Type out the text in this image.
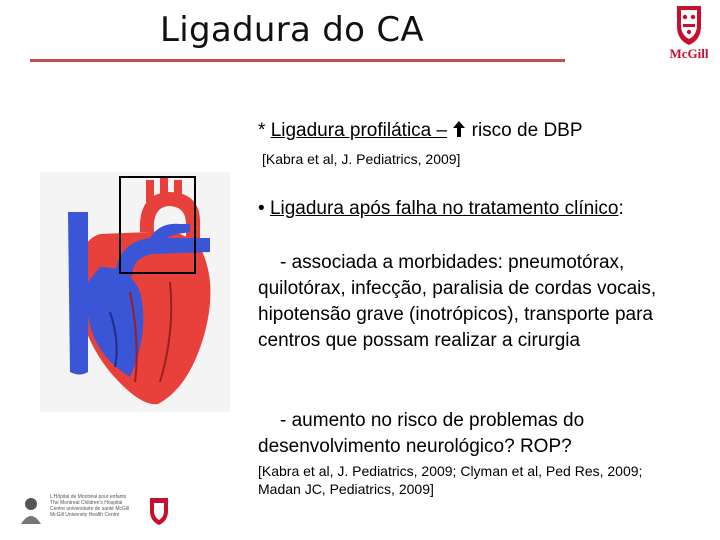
Ligadura do CA
McGill
* Ligadura profilática –  risco de DBP
[Kabra et al, J. Pediatrics, 2009]
• Ligadura após falha no tratamento clínico:
- associada a morbidades: pneumotórax, quilotórax, infecção, paralisia de cordas vocais, hipotensão grave (inotrópicos), transporte para centros que possam realizar a cirurgia
- aumento no risco de problemas do desenvolvimento neurológico? ROP?
[Kabra et al, J. Pediatrics, 2009; Clyman et al, Ped Res, 2009; Madan JC, Pediatrics, 2009]
L'Hôpital de Montréal pour enfants
The Montreal Children's Hospital
Centre universitaire de santé McGill
McGill University Health Centre
